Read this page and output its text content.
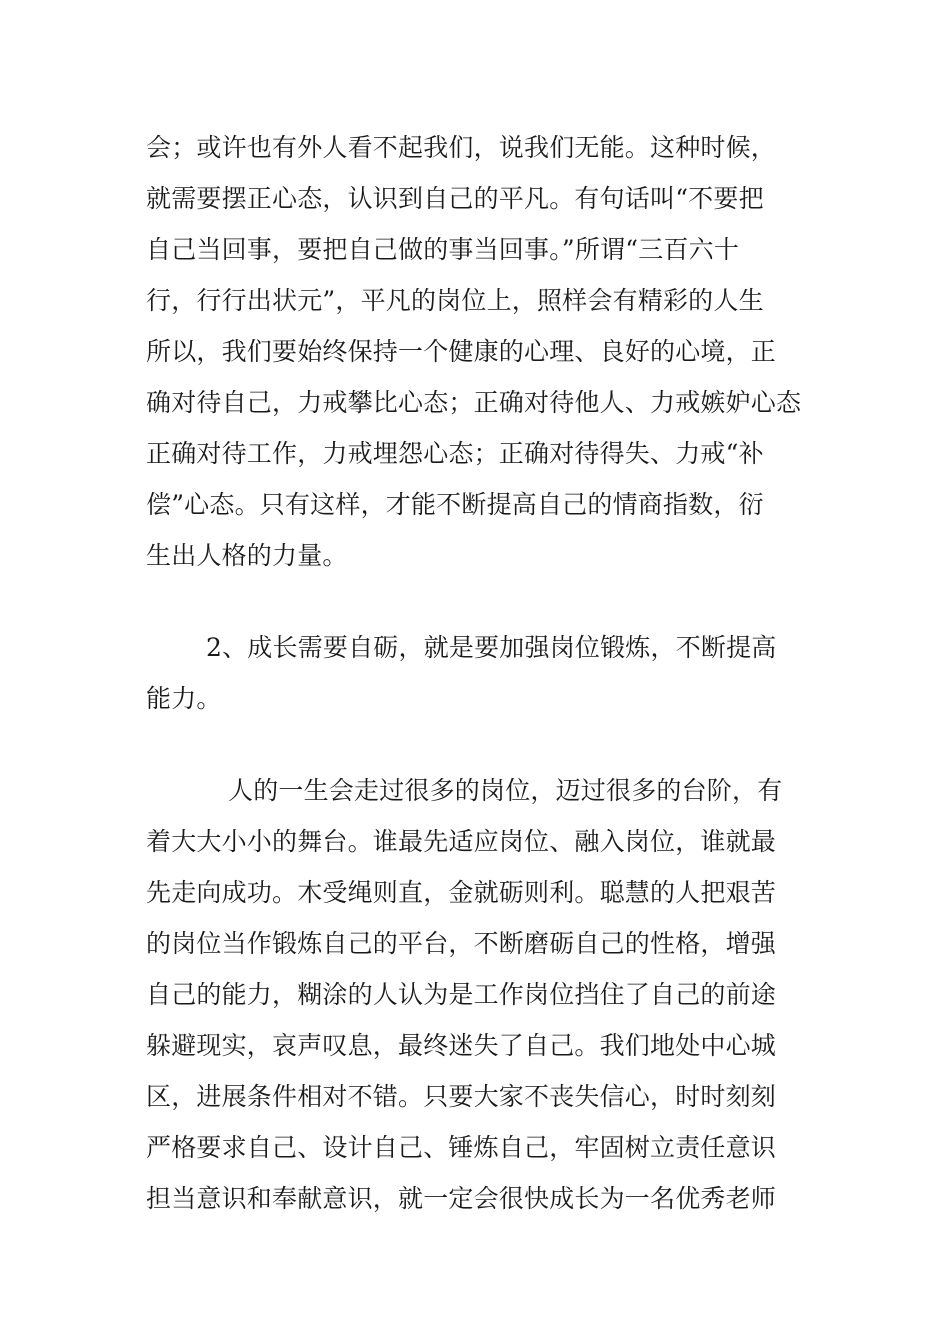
会；或许也有外人看不起我们，说我们无能。这种时候，
就需要摆正心态，认识到自己的平凡。有句话叫“不要把
自己当回事，要把自己做的事当回事。”所谓“三百六十
行，行行出状元”，平凡的岗位上，照样会有精彩的人生
所以，我们要始终保持一个健康的心理、良好的心境，正
确对待自己，力戒攀比心态；正确对待他人、力戒嫉妒心态
正确对待工作，力戒埋怨心态；正确对待得失、力戒“补
偿”心态。只有这样，才能不断提高自己的情商指数，衍
生出人格的力量。
2、成长需要自砺，就是要加强岗位锻炼，不断提高
能力。
人的一生会走过很多的岗位，迈过很多的台阶，有
着大大小小的舞台。谁最先适应岗位、融入岗位，谁就最
先走向成功。木受绳则直，金就砺则利。聪慧的人把艰苦
的岗位当作锻炼自己的平台，不断磨砺自己的性格，增强
自己的能力，糊涂的人认为是工作岗位挡住了自己的前途
躲避现实，哀声叹息，最终迷失了自己。我们地处中心城
区，进展条件相对不错。只要大家不丧失信心，时时刻刻
严格要求自己、设计自己、锤炼自己，牢固树立责任意识
担当意识和奉献意识，就一定会很快成长为一名优秀老师
